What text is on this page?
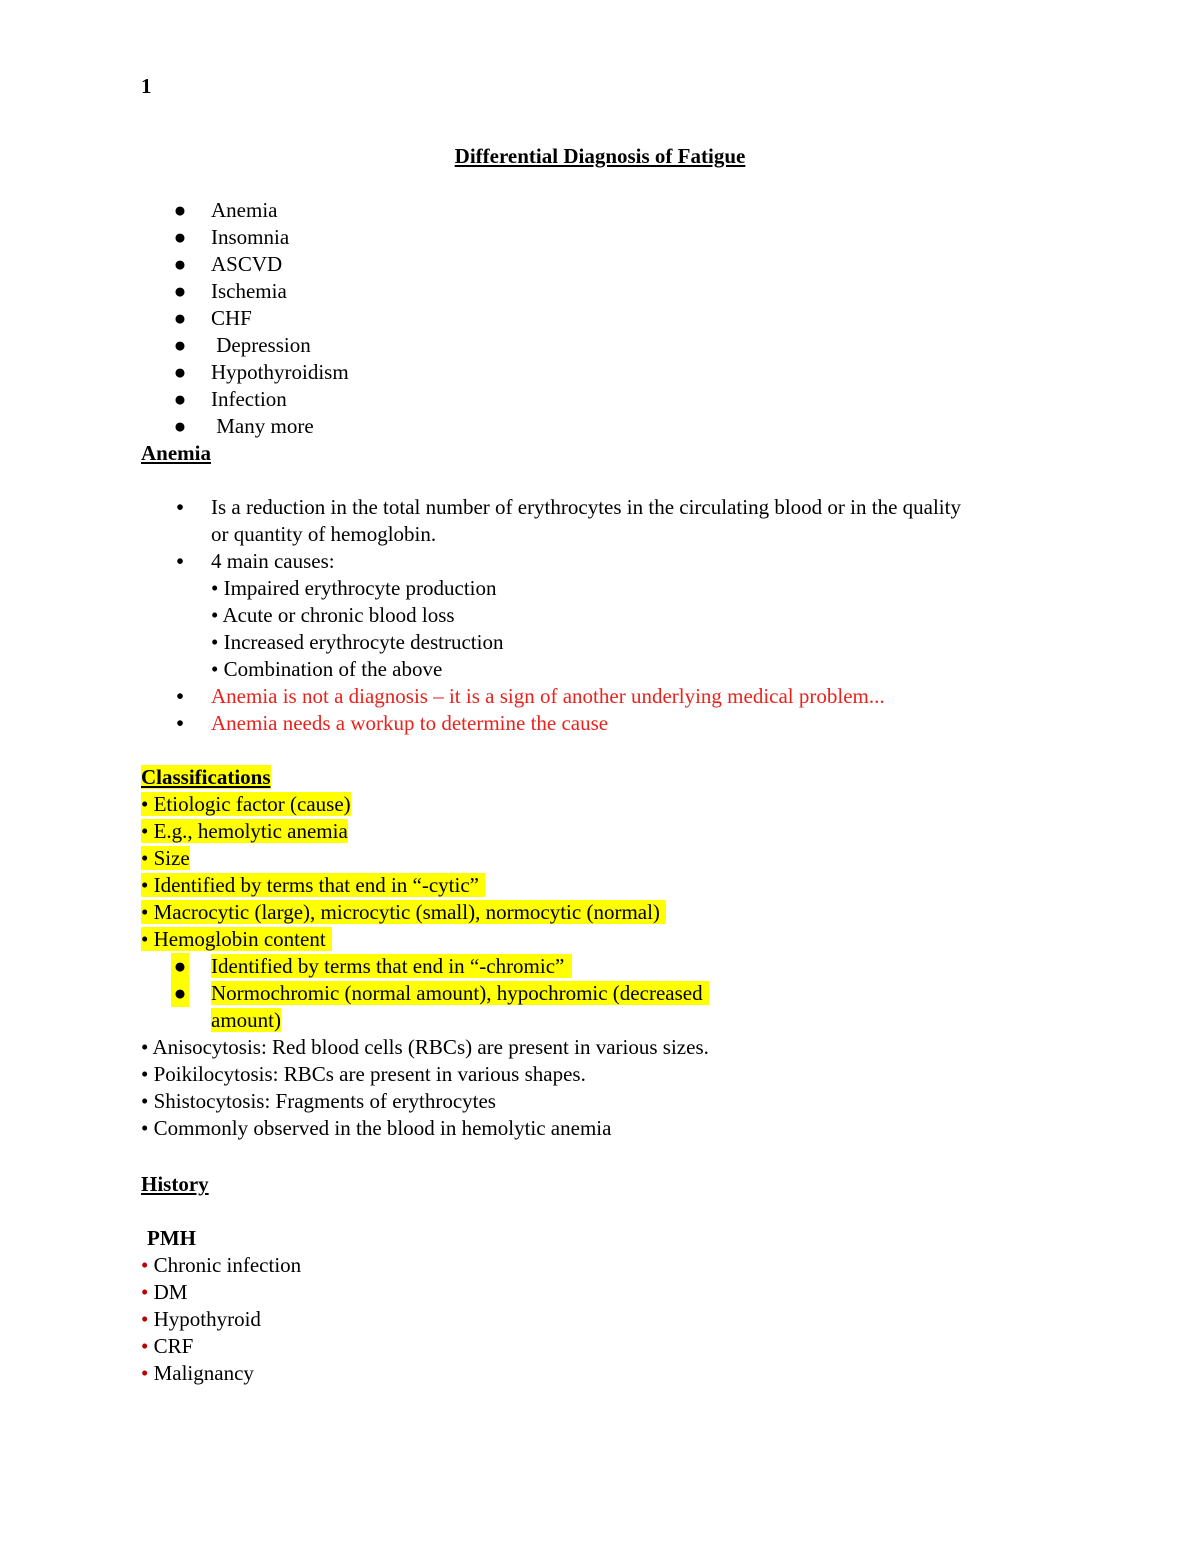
1
Differential Diagnosis of Fatigue
● Anemia
● Insomnia
● ASCVD
● Ischemia
● CHF
● Depression
● Hypothyroidism
● Infection
● Many more
Anemia
• Is a reduction in the total number of erythrocytes in the circulating blood or in the quality
or quantity of hemoglobin.
• 4 main causes:
• Impaired erythrocyte production
• Acute or chronic blood loss
• Increased erythrocyte destruction
• Combination of the above
• Anemia is not a diagnosis – it is a sign of another underlying medical problem...
• Anemia needs a workup to determine the cause
Classifications
• Etiologic factor (cause)
• E.g., hemolytic anemia
• Size
• Identified by terms that end in “-cytic”
• Macrocytic (large), microcytic (small), normocytic (normal)
• Hemoglobin content
● Identified by terms that end in “-chromic”
● Normochromic (normal amount), hypochromic (decreased
amount)
• Anisocytosis: Red blood cells (RBCs) are present in various sizes.
• Poikilocytosis: RBCs are present in various shapes.
• Shistocytosis: Fragments of erythrocytes
• Commonly observed in the blood in hemolytic anemia
History
PMH
• Chronic infection
• DM
• Hypothyroid
• CRF
• Malignancy
